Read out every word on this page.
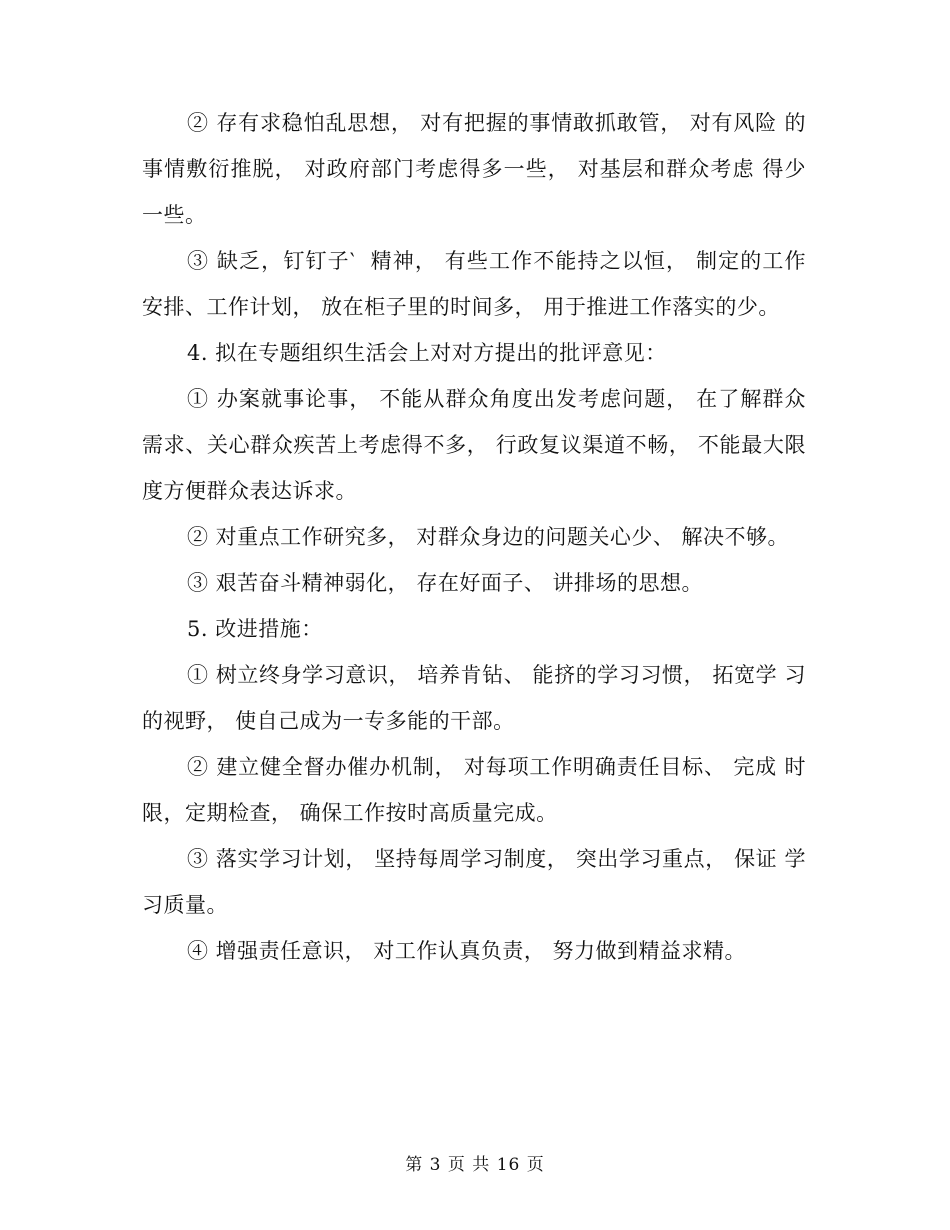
② 存有求稳怕乱思想， 对有把握的事情敢抓敢管， 对有风险 的事情敷衍推脱， 对政府部门考虑得多一些， 对基层和群众考虑 得少一些。

③ 缺乏，钉钉子‵  精神， 有些工作不能持之以恒， 制定的工作安排、工作计划， 放在柜子里的时间多， 用于推进工作落实的少。

4. 拟在专题组织生活会上对对方提出的批评意见：

① 办案就事论事， 不能从群众角度出发考虑问题， 在了解群众需求、关心群众疾苦上考虑得不多， 行政复议渠道不畅， 不能最大限度方便群众表达诉求。

② 对重点工作研究多， 对群众身边的问题关心少、 解决不够。

③ 艰苦奋斗精神弱化， 存在好面子、 讲排场的思想。

5. 改进措施：

① 树立终身学习意识， 培养肯钻、 能挤的学习习惯， 拓宽学 习的视野， 使自己成为一专多能的干部。

② 建立健全督办催办机制， 对每项工作明确责任目标、 完成 时限，定期检查， 确保工作按时高质量完成。

③ 落实学习计划， 坚持每周学习制度， 突出学习重点， 保证 学习质量。

④ 增强责任意识， 对工作认真负责， 努力做到精益求精。

第 3 页 共 16 页
